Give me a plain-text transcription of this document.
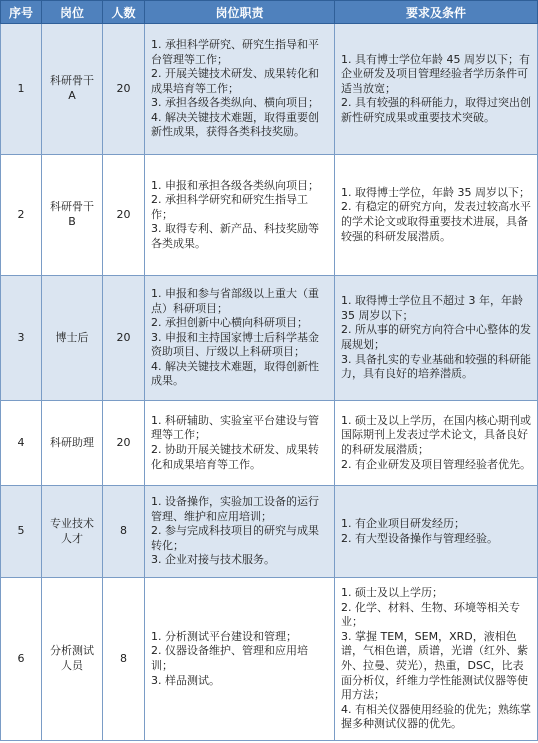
序号	岗位	人数	岗位职责	要求及条件
1	科研骨干 A	20	1. 承担科学研究、研究生指导和平台管理等工作；
2. 开展关键技术研发、成果转化和成果培育等工作；
3. 承担各级各类纵向、横向项目；
4. 解决关键技术难题，取得重要创新性成果，获得各类科技奖励。	1. 具有博士学位年龄 45 周岁以下；有企业研发及项目管理经验者学历条件可适当放宽；
2. 具有较强的科研能力，取得过突出创新性研究成果或重要技术突破。

2	科研骨干 B	20	1. 申报和承担各级各类纵向项目；
2. 承担科学研究和研究生指导工作；
3. 取得专利、新产品、科技奖励等各类成果。	1. 取得博士学位，年龄 35 周岁以下；
2. 有稳定的研究方向，发表过较高水平的学术论文或取得重要技术进展，具备较强的科研发展潜质。

3	博士后	20	1. 申报和参与省部级以上重大（重点）科研项目；
2. 承担创新中心横向科研项目；
3. 申报和主持国家博士后科学基金资助项目、厅级以上科研项目；
4. 解决关键技术难题，取得创新性成果。	1. 取得博士学位且不超过 3 年，年龄 35 周岁以下；
2. 所从事的研究方向符合中心整体的发展规划；
3. 具备扎实的专业基础和较强的科研能力，具有良好的培养潜质。

4	科研助理	20	1. 科研辅助、实验室平台建设与管理等工作；
2. 协助开展关键技术研发、成果转化和成果培育等工作。	1. 硕士及以上学历，在国内核心期刊或国际期刊上发表过学术论文，具备良好的科研发展潜质；
2. 有企业研发及项目管理经验者优先。

5	专业技术人才	8	1. 设备操作，实验加工设备的运行管理、维护和应用培训；
2. 参与完成科技项目的研究与成果转化；
3. 企业对接与技术服务。	1. 有企业项目研发经历；
2. 有大型设备操作与管理经验。

6	分析测试人员	8	1. 分析测试平台建设和管理；
2. 仪器设备维护、管理和应用培训；
3. 样品测试。	1. 硕士及以上学历；
2. 化学、材料、生物、环境等相关专业；
3. 掌握 TEM，SEM，XRD，液相色谱，气相色谱，质谱，光谱（红外、紫外、拉曼、荧光），热重，DSC，比表面分析仪，纤维力学性能测试仪器等使用方法；
4. 有相关仪器使用经验的优先；熟练掌握多种测试仪器的优先。
